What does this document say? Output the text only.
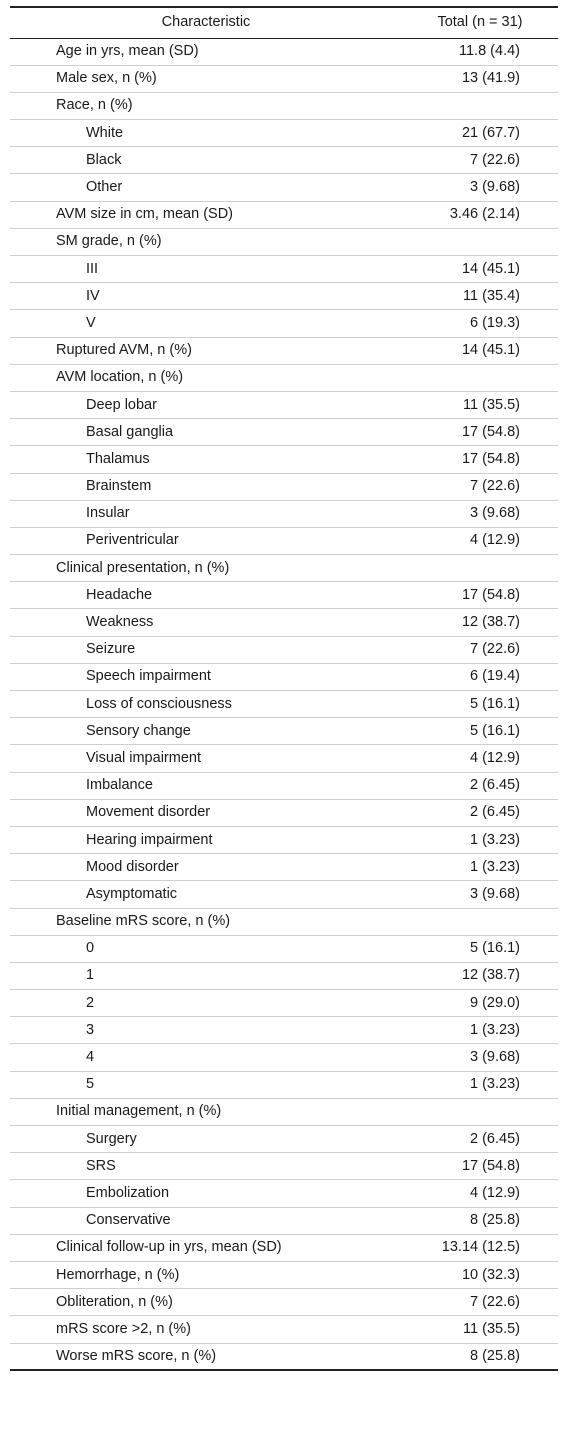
Characteristic	Total (n = 31)
Age in yrs, mean (SD)	11.8 (4.4)
Male sex, n (%)	13 (41.9)
Race, n (%)	
White	21 (67.7)
Black	7 (22.6)
Other	3 (9.68)
AVM size in cm, mean (SD)	3.46 (2.14)
SM grade, n (%)	
III	14 (45.1)
IV	11 (35.4)
V	6 (19.3)
Ruptured AVM, n (%)	14 (45.1)
AVM location, n (%)	
Deep lobar	11 (35.5)
Basal ganglia	17 (54.8)
Thalamus	17 (54.8)
Brainstem	7 (22.6)
Insular	3 (9.68)
Periventricular	4 (12.9)
Clinical presentation, n (%)	
Headache	17 (54.8)
Weakness	12 (38.7)
Seizure	7 (22.6)
Speech impairment	6 (19.4)
Loss of consciousness	5 (16.1)
Sensory change	5 (16.1)
Visual impairment	4 (12.9)
Imbalance	2 (6.45)
Movement disorder	2 (6.45)
Hearing impairment	1 (3.23)
Mood disorder	1 (3.23)
Asymptomatic	3 (9.68)
Baseline mRS score, n (%)	
0	5 (16.1)
1	12 (38.7)
2	9 (29.0)
3	1 (3.23)
4	3 (9.68)
5	1 (3.23)
Initial management, n (%)	
Surgery	2 (6.45)
SRS	17 (54.8)
Embolization	4 (12.9)
Conservative	8 (25.8)
Clinical follow-up in yrs, mean (SD)	13.14 (12.5)
Hemorrhage, n (%)	10 (32.3)
Obliteration, n (%)	7 (22.6)
mRS score >2, n (%)	11 (35.5)
Worse mRS score, n (%)	8 (25.8)
